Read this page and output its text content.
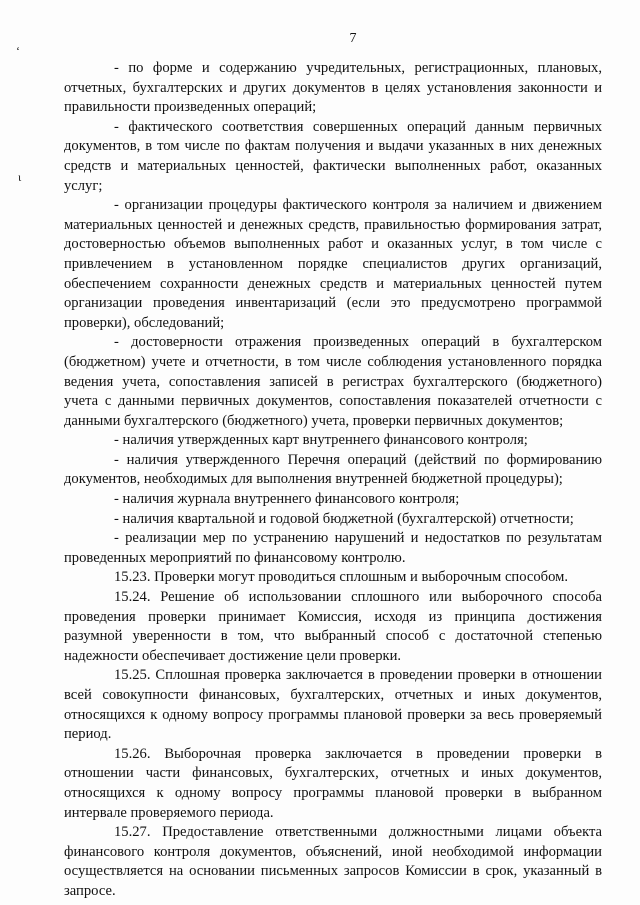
7
ʻ
ι

- по форме и содержанию учредительных, регистрационных, плановых, отчетных, бухгалтерских и других документов в целях установления законности и правильности произведенных операций;

- фактического соответствия совершенных операций данным первичных документов, в том числе по фактам получения и выдачи указанных в них денежных средств и материальных ценностей, фактически выполненных работ, оказанных услуг;

- организации процедуры фактического контроля за наличием и движением материальных ценностей и денежных средств, правильностью формирования затрат, достоверностью объемов выполненных работ и оказанных услуг, в том числе с привлечением в установленном порядке специалистов других организаций, обеспечением сохранности денежных средств и материальных ценностей путем организации проведения инвентаризаций (если это предусмотрено программой проверки), обследований;

- достоверности отражения произведенных операций в бухгалтерском (бюджетном) учете и отчетности, в том числе соблюдения установленного порядка ведения учета, сопоставления записей в регистрах бухгалтерского (бюджетного) учета с данными первичных документов, сопоставления показателей отчетности с данными бухгалтерского (бюджетного) учета, проверки первичных документов;

- наличия утвержденных карт внутреннего финансового контроля;

- наличия утвержденного Перечня операций (действий по формированию документов, необходимых для выполнения внутренней бюджетной процедуры);

- наличия журнала внутреннего финансового контроля;

- наличия квартальной и годовой бюджетной (бухгалтерской) отчетности;

- реализации мер по устранению нарушений и недостатков по результатам проведенных мероприятий по финансовому контролю.

15.23. Проверки могут проводиться сплошным и выборочным способом.

15.24. Решение об использовании сплошного или выборочного способа проведения проверки принимает Комиссия, исходя из принципа достижения разумной уверенности в том, что выбранный способ с достаточной степенью надежности обеспечивает достижение цели проверки.

15.25. Сплошная проверка заключается в проведении проверки в отношении всей совокупности финансовых, бухгалтерских, отчетных и иных документов, относящихся к одному вопросу программы плановой проверки за весь проверяемый период.

15.26. Выборочная проверка заключается в проведении проверки в отношении части финансовых, бухгалтерских, отчетных и иных документов, относящихся к одному вопросу программы плановой проверки в выбранном интервале проверяемого периода.

15.27. Предоставление ответственными должностными лицами объекта финансового контроля документов, объяснений, иной необходимой информации осуществляется на основании письменных запросов Комиссии в срок, указанный в запросе.
